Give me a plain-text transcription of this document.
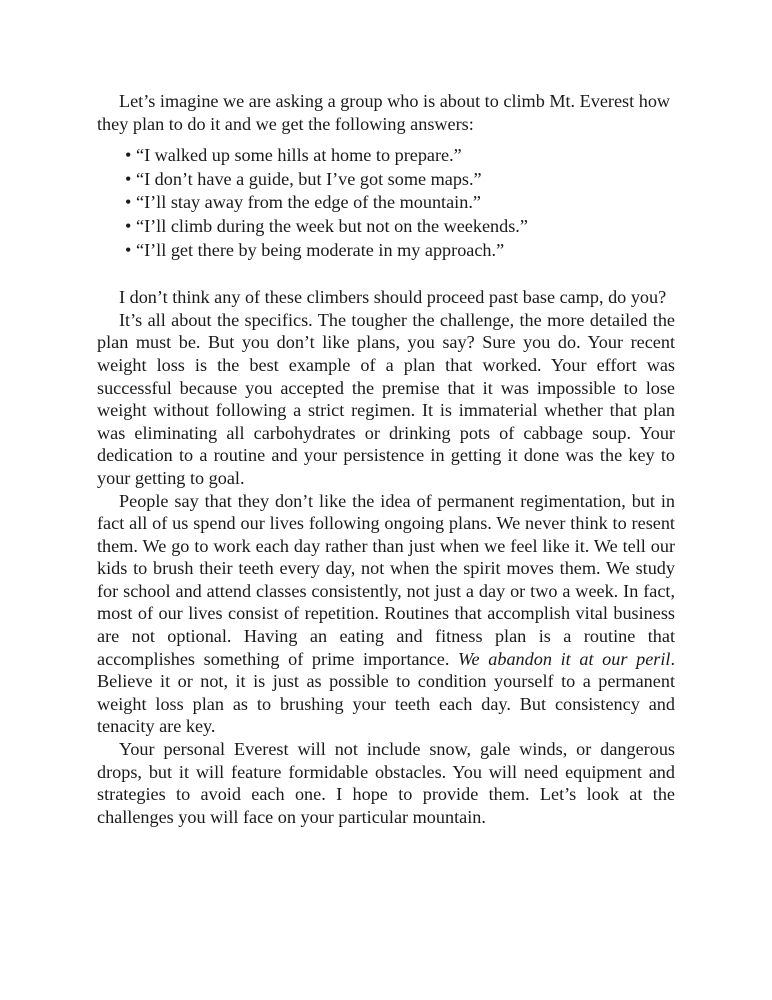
Let’s imagine we are asking a group who is about to climb Mt. Everest how they plan to do it and we get the following answers:

• “I walked up some hills at home to prepare.”
• “I don’t have a guide, but I’ve got some maps.”
• “I’ll stay away from the edge of the mountain.”
• “I’ll climb during the week but not on the weekends.”
• “I’ll get there by being moderate in my approach.”

I don’t think any of these climbers should proceed past base camp, do you?

It’s all about the specifics. The tougher the challenge, the more detailed the plan must be. But you don’t like plans, you say? Sure you do. Your recent weight loss is the best example of a plan that worked. Your effort was successful because you accepted the premise that it was impossible to lose weight without following a strict regimen. It is immaterial whether that plan was eliminating all carbohydrates or drinking pots of cabbage soup. Your dedication to a routine and your persistence in getting it done was the key to your getting to goal.

People say that they don’t like the idea of permanent regimentation, but in fact all of us spend our lives following ongoing plans. We never think to resent them. We go to work each day rather than just when we feel like it. We tell our kids to brush their teeth every day, not when the spirit moves them. We study for school and attend classes consistently, not just a day or two a week. In fact, most of our lives consist of repetition. Routines that accomplish vital business are not optional. Having an eating and fitness plan is a routine that accomplishes something of prime importance. We abandon it at our peril. Believe it or not, it is just as possible to condition yourself to a permanent weight loss plan as to brushing your teeth each day. But consistency and tenacity are key.

Your personal Everest will not include snow, gale winds, or dangerous drops, but it will feature formidable obstacles. You will need equipment and strategies to avoid each one. I hope to provide them. Let’s look at the challenges you will face on your particular mountain.
